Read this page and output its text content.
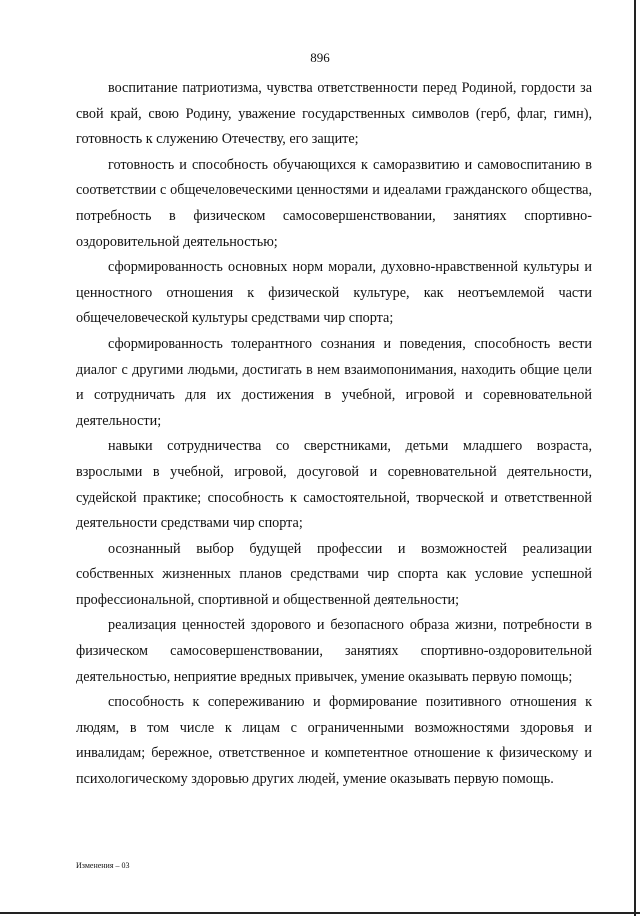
896

воспитание патриотизма, чувства ответственности перед Родиной, гордости за свой край, свою Родину, уважение государственных символов (герб, флаг, гимн), готовность к служению Отечеству, его защите;

готовность и способность обучающихся к саморазвитию и самовоспитанию в соответствии с общечеловеческими ценностями и идеалами гражданского общества, потребность в физическом самосовершенствовании, занятиях спортивно-оздоровительной деятельностью;

сформированность основных норм морали, духовно-нравственной культуры и ценностного отношения к физической культуре, как неотъемлемой части общечеловеческой культуры средствами чир спорта;

сформированность толерантного сознания и поведения, способность вести диалог с другими людьми, достигать в нем взаимопонимания, находить общие цели и сотрудничать для их достижения в учебной, игровой и соревновательной деятельности;

навыки сотрудничества со сверстниками, детьми младшего возраста, взрослыми в учебной, игровой, досуговой и соревновательной деятельности, судейской практике; способность к самостоятельной, творческой и ответственной деятельности средствами чир спорта;

осознанный выбор будущей профессии и возможностей реализации собственных жизненных планов средствами чир спорта как условие успешной профессиональной, спортивной и общественной деятельности;

реализация ценностей здорового и безопасного образа жизни, потребности в физическом самосовершенствовании, занятиях спортивно-оздоровительной деятельностью, неприятие вредных привычек, умение оказывать первую помощь;

способность к сопереживанию и формирование позитивного отношения к людям, в том числе к лицам с ограниченными возможностями здоровья и инвалидам; бережное, ответственное и компетентное отношение к физическому и психологическому здоровью других людей, умение оказывать первую помощь.

Изменения – 03
